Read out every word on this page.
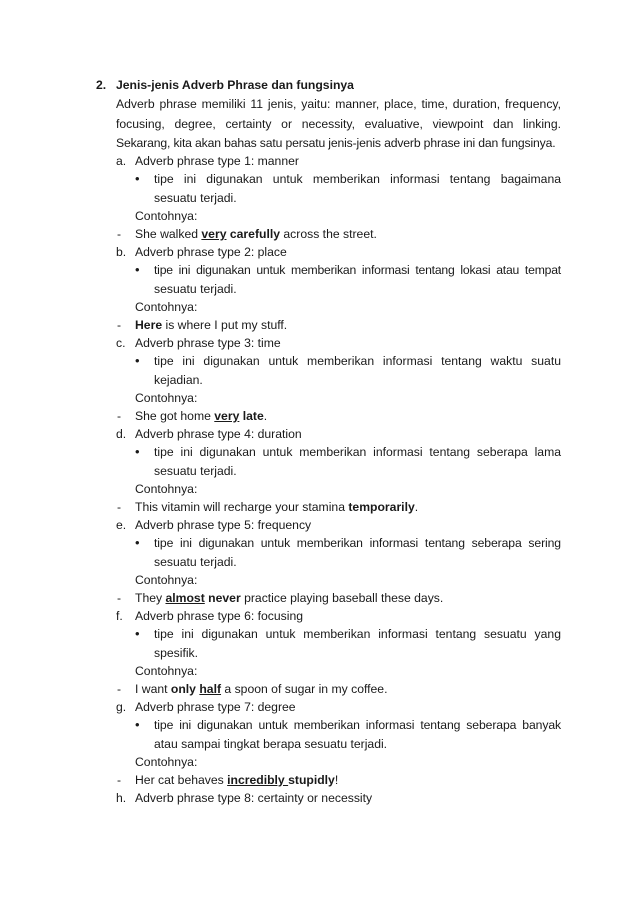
2. Jenis-jenis Adverb Phrase dan fungsinya
Adverb phrase memiliki 11 jenis, yaitu: manner, place, time, duration, frequency,
focusing, degree, certainty or necessity, evaluative, viewpoint dan linking.
Sekarang, kita akan bahas satu persatu jenis-jenis adverb phrase ini dan fungsinya.
a. Adverb phrase type 1: manner
• tipe ini digunakan untuk memberikan informasi tentang bagaimana
sesuatu terjadi.
Contohnya:
- She walked very carefully across the street.
b. Adverb phrase type 2: place
• tipe ini digunakan untuk memberikan informasi tentang lokasi atau tempat
sesuatu terjadi.
Contohnya:
- Here is where I put my stuff.
c. Adverb phrase type 3: time
• tipe ini digunakan untuk memberikan informasi tentang waktu suatu
kejadian.
Contohnya:
- She got home very late.
d. Adverb phrase type 4: duration
• tipe ini digunakan untuk memberikan informasi tentang seberapa lama
sesuatu terjadi.
Contohnya:
- This vitamin will recharge your stamina temporarily.
e. Adverb phrase type 5: frequency
• tipe ini digunakan untuk memberikan informasi tentang seberapa sering
sesuatu terjadi.
Contohnya:
- They almost never practice playing baseball these days.
f. Adverb phrase type 6: focusing
• tipe ini digunakan untuk memberikan informasi tentang sesuatu yang
spesifik.
Contohnya:
- I want only half a spoon of sugar in my coffee.
g. Adverb phrase type 7: degree
• tipe ini digunakan untuk memberikan informasi tentang seberapa banyak
atau sampai tingkat berapa sesuatu terjadi.
Contohnya:
- Her cat behaves incredibly stupidly!
h. Adverb phrase type 8: certainty or necessity
